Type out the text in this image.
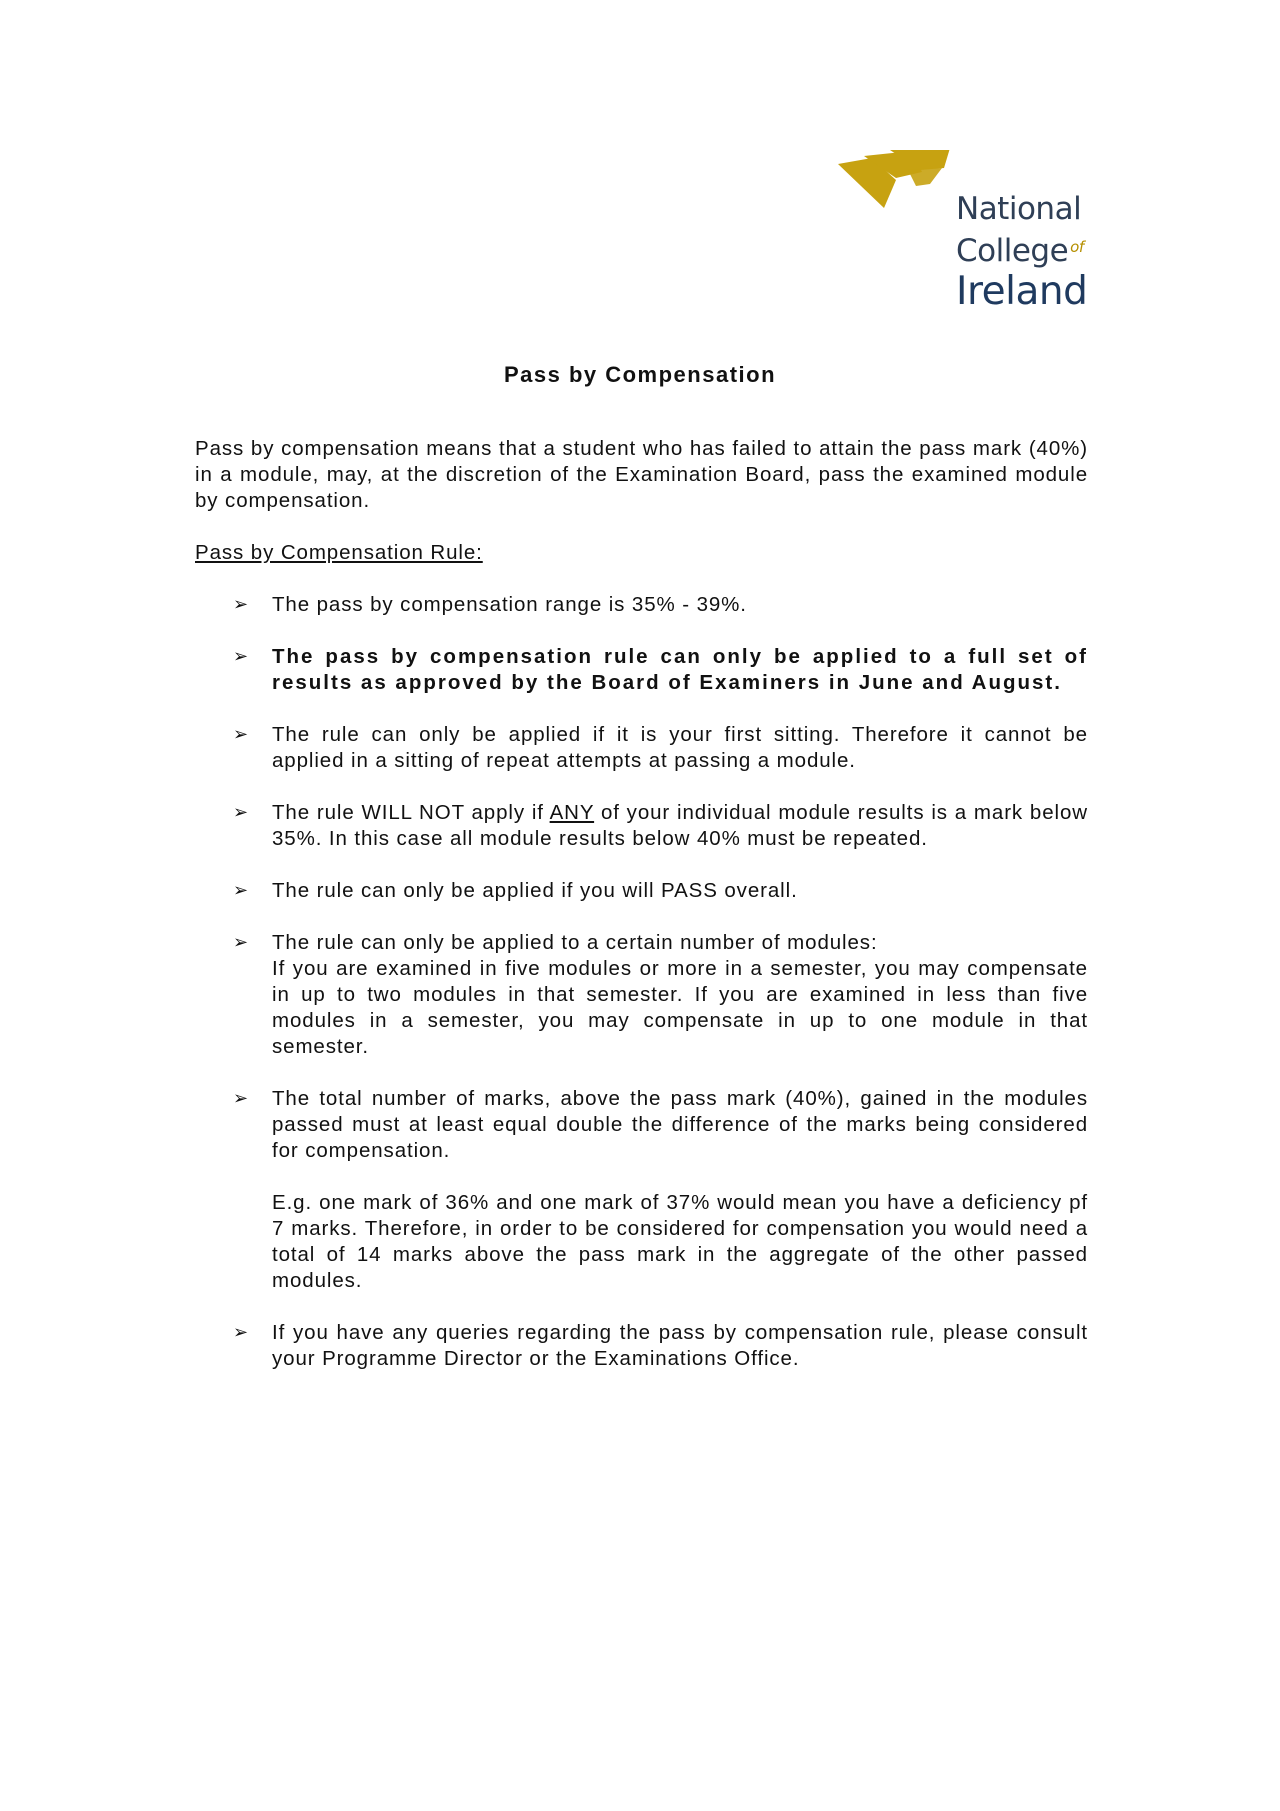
National
College $^{of}$
Ireland
Pass by Compensation

Pass by compensation means that a student who has failed to attain the pass mark (40%) in a module, may, at the discretion of the Examination Board, pass the examined module by compensation.

Pass by Compensation Rule:

➢ The pass by compensation range is 35% - 39%.
➢ The pass by compensation rule can only be applied to a full set of results as approved by the Board of Examiners in June and August.
➢ The rule can only be applied if it is your first sitting. Therefore it cannot be applied in a sitting of repeat attempts at passing a module.
➢ The rule WILL NOT apply if ANY of your individual module results is a mark below 35%. In this case all module results below 40% must be repeated.
➢ The rule can only be applied if you will PASS overall.
➢ The rule can only be applied to a certain number of modules:
If you are examined in five modules or more in a semester, you may compensate in up to two modules in that semester. If you are examined in less than five modules in a semester, you may compensate in up to one module in that semester.
➢ The total number of marks, above the pass mark (40%), gained in the modules passed must at least equal double the difference of the marks being considered for compensation.
E.g. one mark of 36% and one mark of 37% would mean you have a deficiency pf 7 marks. Therefore, in order to be considered for compensation you would need a total of 14 marks above the pass mark in the aggregate of the other passed modules.
➢ If you have any queries regarding the pass by compensation rule, please consult your Programme Director or the Examinations Office.
